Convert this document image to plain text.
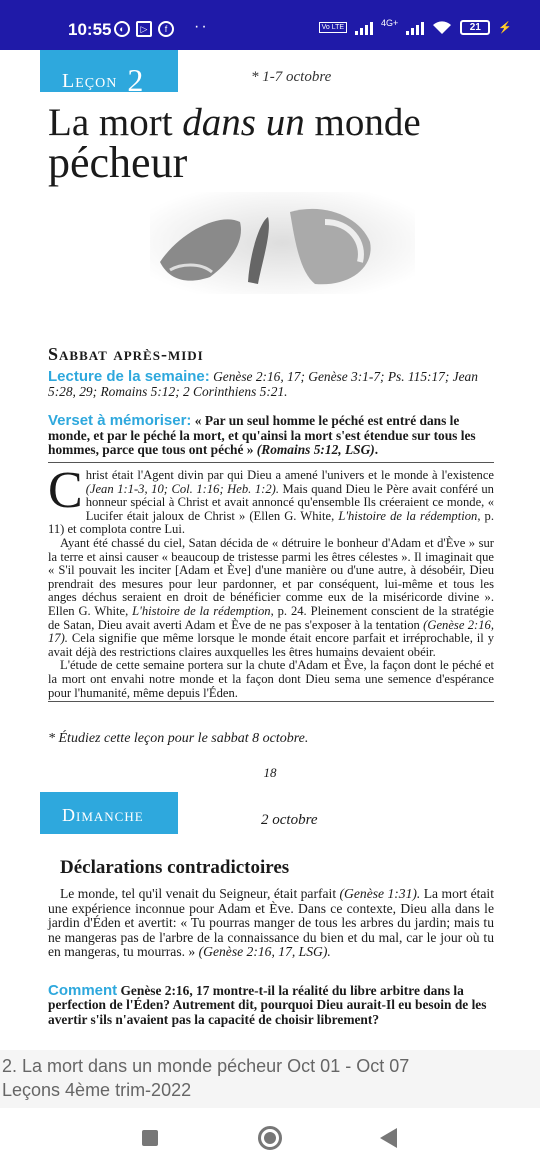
10:55 ◐	▷	f	··	Vo LTE	4G+	21	⚡
Leçon 2	* 1-7 octobre
La mort dans un monde
pécheur
Sabbat après-midi
Lecture de la semaine: Genèse 2:16, 17; Genèse 3:1-7; Ps. 115:17; Jean 5:28, 29; Romains 5:12; 2 Corinthiens 5:21.
Verset à mémoriser: « Par un seul homme le péché est entré dans le monde, et par le péché la mort, et qu'ainsi la mort s'est étendue sur tous les hommes, parce que tous ont péché » (Romains 5:12, LSG).
C hrist était l'Agent divin par qui Dieu a amené l'univers et le monde à l'existence (Jean 1:1-3, 10; Col. 1:16; Heb. 1:2). Mais quand Dieu le Père avait conféré un honneur spécial à Christ et avait annoncé qu'ensemble Ils créeraient ce monde, « Lucifer était jaloux de Christ » (Ellen G. White, L'histoire de la rédemption, p. 11) et complota contre Lui.
Ayant été chassé du ciel, Satan décida de « détruire le bonheur d'Adam et d'Ève » sur la terre et ainsi causer « beaucoup de tristesse parmi les êtres célestes ». Il imaginait que « S'il pouvait les inciter [Adam et Ève] d'une manière ou d'une autre, à désobéir, Dieu prendrait des mesures pour leur pardonner, et par conséquent, lui-même et tous les anges déchus seraient en droit de bénéficier comme eux de la miséricorde divine ». Ellen G. White, L'histoire de la rédemption, p. 24. Pleinement conscient de la stratégie de Satan, Dieu avait averti Adam et Ève de ne pas s'exposer à la tentation (Genèse 2:16, 17). Cela signifie que même lorsque le monde était encore parfait et irréprochable, il y avait déjà des restrictions claires auxquelles les êtres humains devaient obéir.
L'étude de cette semaine portera sur la chute d'Adam et Ève, la façon dont le péché et la mort ont envahi notre monde et la façon dont Dieu sema une semence d'espérance pour l'humanité, même depuis l'Éden.
* Étudiez cette leçon pour le sabbat 8 octobre.
18
Dimanche	2 octobre
Déclarations contradictoires
Le monde, tel qu'il venait du Seigneur, était parfait (Genèse 1:31). La mort était une expérience inconnue pour Adam et Ève. Dans ce contexte, Dieu alla dans le jardin d'Éden et avertit: « Tu pourras manger de tous les arbres du jardin; mais tu ne mangeras pas de l'arbre de la connaissance du bien et du mal, car le jour où tu en mangeras, tu mourras. » (Genèse 2:16, 17, LSG).
Comment Genèse 2:16, 17 montre-t-il la réalité du libre arbitre dans la perfection de l'Éden? Autrement dit, pourquoi Dieu aurait-Il eu besoin de les avertir s'ils n'avaient pas la capacité de choisir librement?
2. La mort dans un monde pécheur Oct 01 - Oct 07
Leçons 4ème trim-2022
